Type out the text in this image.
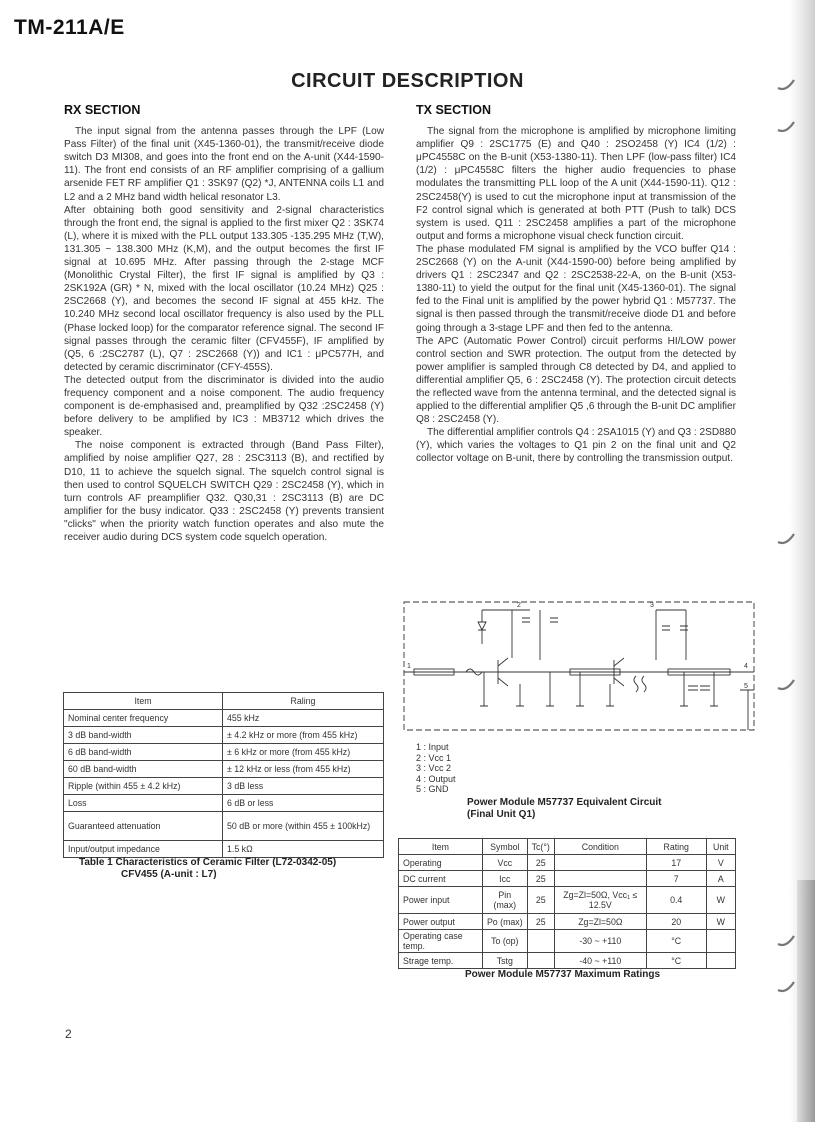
TM-211A/E
CIRCUIT DESCRIPTION
RX SECTION

The input signal from the antenna passes through the LPF (Low Pass Filter) of the final unit (X45-1360-01), the transmit/receive diode switch D3 MI308, and goes into the front end on the A-unit (X44-1590-11). The front end consists of an RF amplifier comprising of a gallium arsenide FET RF amplifier Q1 : 3SK97 (Q2) *J, ANTENNA coils L1 and L2 and a 2 MHz band width helical resonator L3.

After obtaining both good sensitivity and 2-signal characteristics through the front end, the signal is applied to the first mixer Q2 : 3SK74 (L), where it is mixed with the PLL output 133.305 -135.295 MHz (T,W), 131.305 ~ 138.300 MHz (K,M), and the output becomes the first IF signal at 10.695 MHz. After passing through the 2-stage MCF (Monolithic Crystal Filter), the first IF signal is amplified by Q3 : 2SK192A (GR) * N, mixed with the local oscillator (10.24 MHz) Q25 : 2SC2668 (Y), and becomes the second IF signal at 455 kHz. The 10.240 MHz second local oscillator frequency is also used by the PLL (Phase locked loop) for the comparator reference signal. The second IF signal passes through the ceramic filter (CFV455F), IF amplified by (Q5, 6 :2SC2787 (L), Q7 : 2SC2668 (Y)) and IC1 : μPC577H, and detected by ceramic discriminator (CFY-455S).

The detected output from the discriminator is divided into the audio frequency component and a noise component. The audio frequency component is de-emphasised and, preamplified by Q32 :2SC2458 (Y) before delivery to be amplified by IC3 : MB3712 which drives the speaker.

The noise component is extracted through (Band Pass Filter), amplified by noise amplifier Q27, 28 : 2SC3113 (B), and rectified by D10, 11 to achieve the squelch signal. The squelch control signal is then used to control SQUELCH SWITCH Q29 : 2SC2458 (Y), which in turn controls AF preamplifier Q32. Q30,31 : 2SC3113 (B) are DC amplifier for the busy indicator. Q33 : 2SC2458 (Y) prevents transient "clicks" when the priority watch function operates and also mute the receiver audio during DCS system code squelch operation.

TX SECTION

The signal from the microphone is amplified by microphone limiting amplifier Q9 : 2SC1775 (E) and Q40 : 2SO2458 (Y) IC4 (1/2) : μPC4558C on the B-unit (X53-1380-11). Then LPF (low-pass filter) IC4 (1/2) : μPC4558C filters the higher audio frequencies to phase modulates the transmitting PLL loop of the A unit (X44-1590-11). Q12 : 2SC2458(Y) is used to cut the microphone input at transmission of the F2 control signal which is generated at both PTT (Push to talk) DCS system is used. Q11 : 2SC2458 amplifies a part of the microphone output and forms a microphone visual check function circuit.

The phase modulated FM signal is amplified by the VCO buffer Q14 : 2SC2668 (Y) on the A-unit (X44-1590-00) before being amplified by drivers Q1 : 2SC2347 and Q2 : 2SC2538-22-A, on the B-unit (X53-1380-11) to yield the output for the final unit (X45-1360-01). The signal fed to the Final unit is amplified by the power hybrid Q1 : M57737. The signal is then passed through the transmit/receive diode D1 and before going through a 3-stage LPF and then fed to the antenna.

The APC (Automatic Power Control) circuit performs HI/LOW power control section and SWR protection. The output from the detected by power amplifier is sampled through C8 detected by D4, and applied to differential amplifier Q5, 6 : 2SC2458 (Y). The protection circuit detects the reflected wave from the antenna terminal, and the detected signal is applied to the differential amplifier Q5 ,6 through the B-unit DC amplifier Q8 : 2SC2458 (Y).

The differential amplifier controls Q4 : 2SA1015 (Y) and Q3 : 2SD880 (Y), which varies the voltages to Q1 pin 2 on the final unit and Q2 collector voltage on B-unit, there by controlling the transmission output.

Item	Raling
Nominal center frequency	455 kHz
3 dB band-width	± 4.2 kHz or more (from 455 kHz)
6 dB band-width	± 6 kHz or more (from 455 kHz)
60 dB band-width	± 12 kHz or less (from 455 kHz)
Ripple (within 455 ± 4.2 kHz)	3 dB less
Loss	6 dB or less
Guaranteed attenuation	50 dB or more (within 455 ± 100kHz)
Input/output impedance	1.5 kΩ
Table 1 Characteristics of Ceramic Filter (L72-0342-05)
CFV455 (A-unit : L7)
1
2	3
4
5
1 : Input
2 : Vcc 1
3 : Vcc 2
4 : Output
5 : GND
Power Module M57737 Equivalent Circuit
(Final Unit Q1)
Item	Symbol	Tc(°)	Condition	Rating	Unit
Operating	Vcc	25		17	V
DC current	Icc	25		7	A
Power input	Pin (max)	25	Zg=Zl=50Ω, Vcc₁ ≤ 12.5V	0.4	W
Power output	Po (max)	25	Zg=Zl=50Ω	20	W
Operating case temp.	To (op)		-30 ~ +110	°C	
Strage temp.	Tstg		-40 ~ +110	°C	
Power Module M57737 Maximum Ratings
2
